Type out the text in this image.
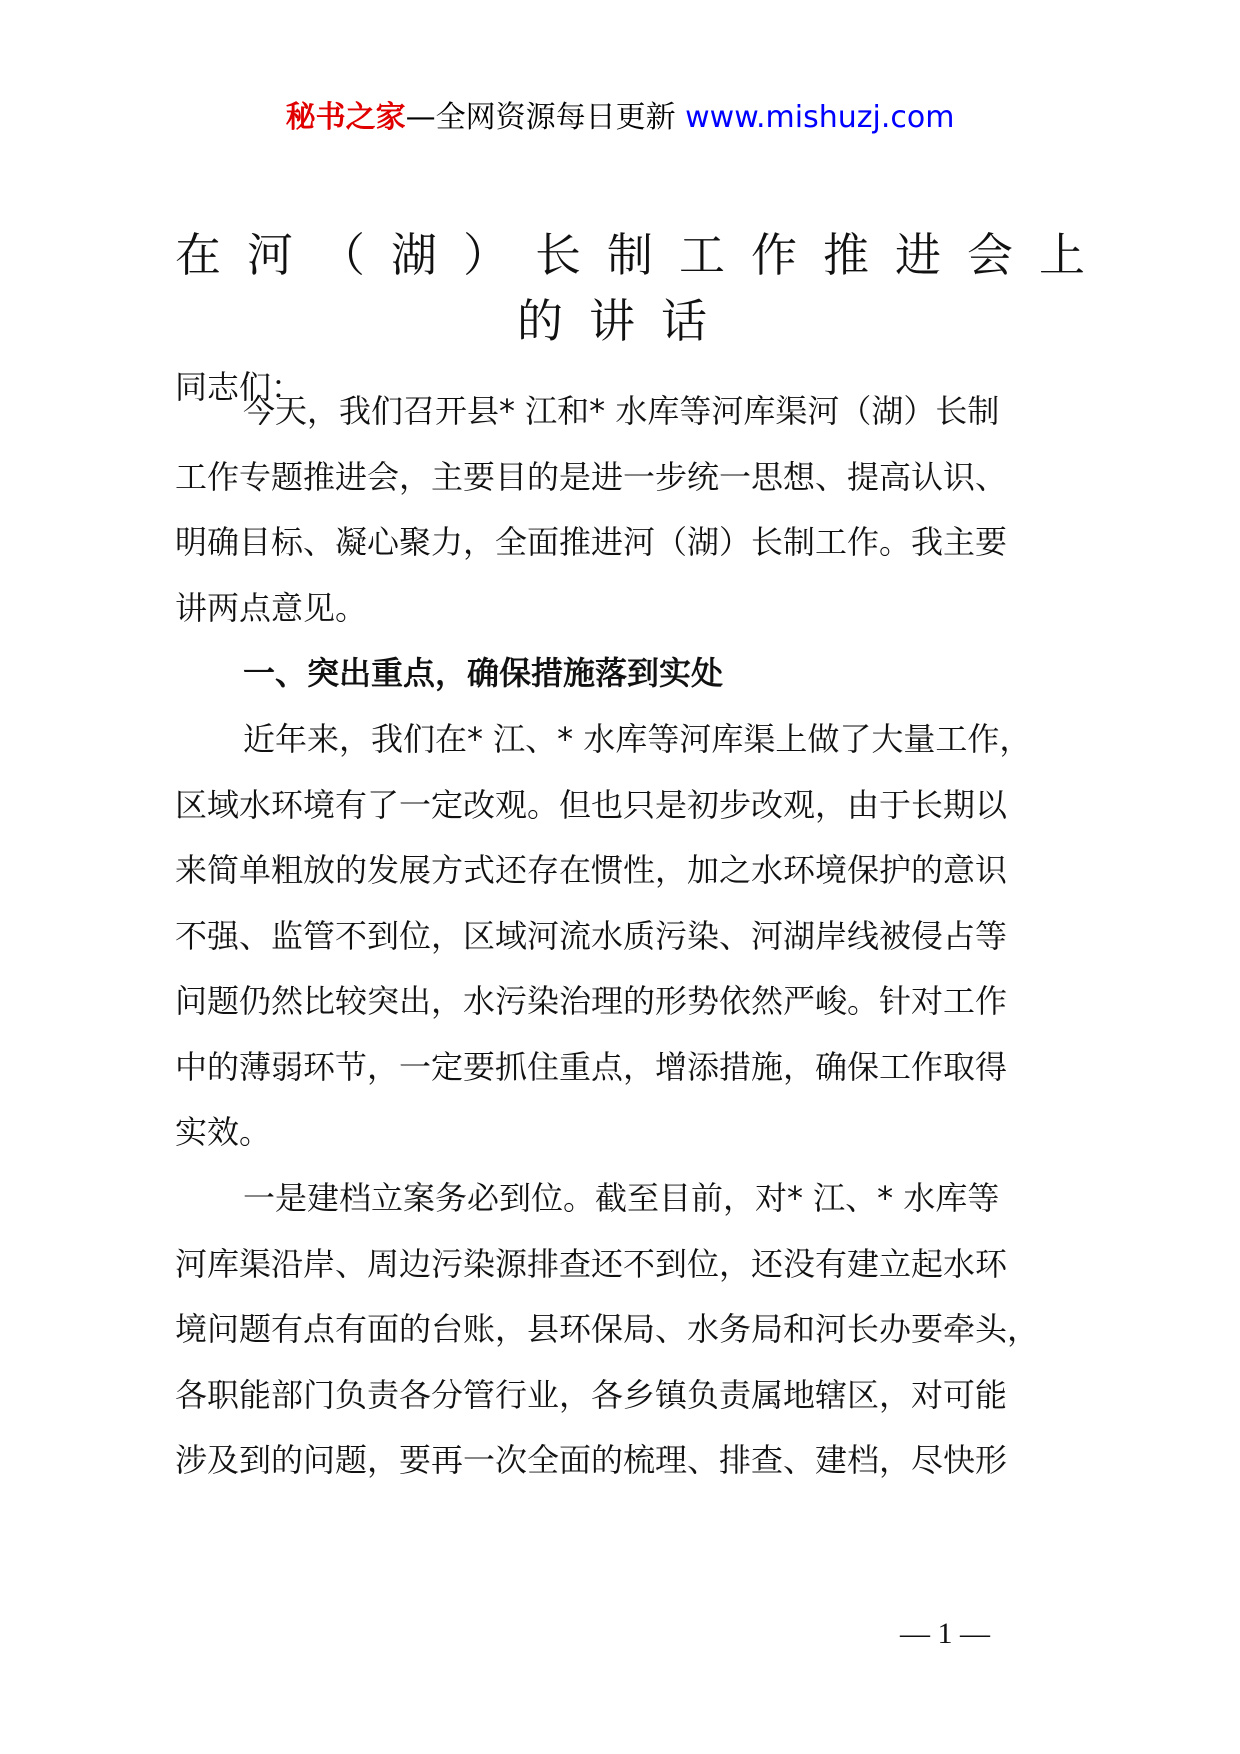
秘书之家—全网资源每日更新 www.mishuzj.com
在河（湖）长制工作推进会上
的讲话
同志们：
今天，我们召开县* 江和* 水库等河库渠河（湖）长制
工作专题推进会，主要目的是进一步统一思想、提高认识、
明确目标、凝心聚力，全面推进河（湖）长制工作。我主要
讲两点意见。
一、突出重点，确保措施落到实处
近年来，我们在* 江、* 水库等河库渠上做了大量工作，
区域水环境有了一定改观。但也只是初步改观，由于长期以
来简单粗放的发展方式还存在惯性，加之水环境保护的意识
不强、监管不到位，区域河流水质污染、河湖岸线被侵占等
问题仍然比较突出，水污染治理的形势依然严峻。针对工作
中的薄弱环节，一定要抓住重点，增添措施，确保工作取得
实效。
一是建档立案务必到位。截至目前，对* 江、* 水库等
河库渠沿岸、周边污染源排查还不到位，还没有建立起水环
境问题有点有面的台账，县环保局、水务局和河长办要牵头，
各职能部门负责各分管行业，各乡镇负责属地辖区，对可能
涉及到的问题，要再一次全面的梳理、排查、建档，尽快形
— 1 —
